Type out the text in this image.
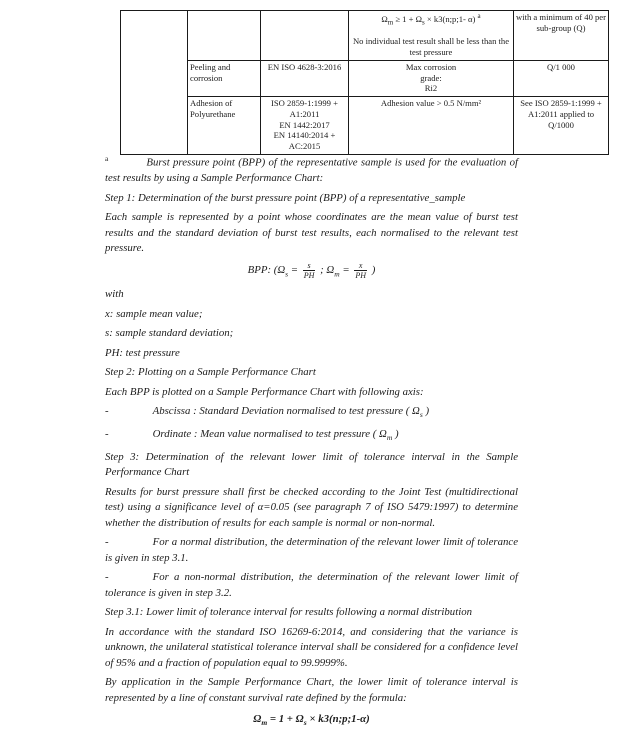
			$\Omega_m \ge 1 + \Omega_s$ × k3(n;p;1- α) $^a$
No individual test result shall be less than the test pressure	with a minimum of 40 per sub-group (Q)
	Peeling and corrosion	EN ISO 4628-3:2016	Max corrosion
grade:
Ri2	Q/1 000
	Adhesion of Polyurethane	ISO 2859-1:1999 + A1:2011
EN 1442:2017
EN 14140:2014 + AC:2015	Adhesion value > 0.5 N/mm²	See ISO 2859-1:1999 + A1:2011 applied to Q/1000

$^a$	Burst pressure point (BPP) of the representative sample is used for the evaluation of test results by using a Sample Performance Chart:

Step 1: Determination of the burst pressure point (BPP) of a representative_sample

Each sample is represented by a point whose coordinates are the mean value of burst test results and the standard deviation of burst test results, each normalised to the relevant test pressure.

BPP: ($\Omega_s = \frac{s}{PH}$ ; $\Omega_m = \frac{x}{PH}$ )

with

x: sample mean value;

s: sample standard deviation;

PH: test pressure

Step 2: Plotting on a Sample Performance Chart

Each BPP is plotted on a Sample Performance Chart with following axis:

-	Abscissa : Standard Deviation normalised to test pressure ( $\Omega_s$ )

-	Ordinate : Mean value normalised to test pressure ( $\Omega_m$ )

Step 3: Determination of the relevant lower limit of tolerance interval in the Sample Performance Chart

Results for burst pressure shall first be checked according to the Joint Test (multidirectional test) using a significance level of α=0.05 (see paragraph 7 of ISO 5479:1997) to determine whether the distribution of results for each sample is normal or non-normal.

-	For a normal distribution, the determination of the relevant lower limit of tolerance is given in step 3.1.

-	For a non-normal distribution, the determination of the relevant lower limit of tolerance is given in step 3.2.

Step 3.1: Lower limit of tolerance interval for results following a normal distribution

In accordance with the standard ISO 16269-6:2014, and considering that the variance is unknown, the unilateral statistical tolerance interval shall be considered for a confidence level of 95% and a fraction of population equal to 99.9999%.

By application in the Sample Performance Chart, the lower limit of tolerance interval is represented by a line of constant survival rate defined by the formula:

$\Omega_m = 1 + \Omega_s$ × k3(n;p;1-α)
